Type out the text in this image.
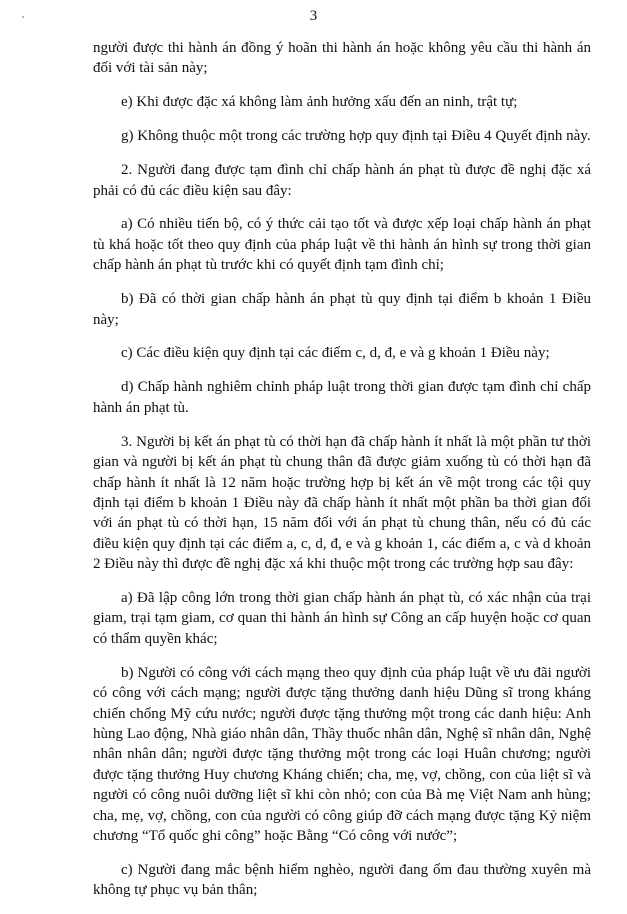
'	3

người được thi hành án đồng ý hoãn thi hành án hoặc không yêu cầu thi hành án đối với tài sản này;

e) Khi được đặc xá không làm ảnh hưởng xấu đến an ninh, trật tự;

g) Không thuộc một trong các trường hợp quy định tại Điều 4 Quyết định này.

2. Người đang được tạm đình chỉ chấp hành án phạt tù được đề nghị đặc xá phải có đủ các điều kiện sau đây:

a) Có nhiều tiến bộ, có ý thức cải tạo tốt và được xếp loại chấp hành án phạt tù khá hoặc tốt theo quy định của pháp luật về thi hành án hình sự trong thời gian chấp hành án phạt tù trước khi có quyết định tạm đình chỉ;

b) Đã có thời gian chấp hành án phạt tù quy định tại điểm b khoản 1 Điều này;

c) Các điều kiện quy định tại các điểm c, d, đ, e và g khoản 1 Điều này;

d) Chấp hành nghiêm chỉnh pháp luật trong thời gian được tạm đình chỉ chấp hành án phạt tù.

3. Người bị kết án phạt tù có thời hạn đã chấp hành ít nhất là một phần tư thời gian và người bị kết án phạt tù chung thân đã được giảm xuống tù có thời hạn đã chấp hành ít nhất là 12 năm hoặc trường hợp bị kết án về một trong các tội quy định tại điểm b khoản 1 Điều này đã chấp hành ít nhất một phần ba thời gian đối với án phạt tù có thời hạn, 15 năm đối với án phạt tù chung thân, nếu có đủ các điều kiện quy định tại các điểm a, c, d, đ, e và g khoản 1, các điểm a, c và d khoản 2 Điều này thì được đề nghị đặc xá khi thuộc một trong các trường hợp sau đây:

a) Đã lập công lớn trong thời gian chấp hành án phạt tù, có xác nhận của trại giam, trại tạm giam, cơ quan thi hành án hình sự Công an cấp huyện hoặc cơ quan có thẩm quyền khác;

b) Người có công với cách mạng theo quy định của pháp luật về ưu đãi người có công với cách mạng; người được tặng thưởng danh hiệu Dũng sĩ trong kháng chiến chống Mỹ cứu nước; người được tặng thưởng một trong các danh hiệu: Anh hùng Lao động, Nhà giáo nhân dân, Thầy thuốc nhân dân, Nghệ sĩ nhân dân, Nghệ nhân nhân dân; người được tặng thưởng một trong các loại Huân chương; người được tặng thưởng Huy chương Kháng chiến; cha, mẹ, vợ, chồng, con của liệt sĩ và người có công nuôi dưỡng liệt sĩ khi còn nhỏ; con của Bà mẹ Việt Nam anh hùng; cha, mẹ, vợ, chồng, con của người có công giúp đỡ cách mạng được tặng Kỷ niệm chương “Tổ quốc ghi công” hoặc Bằng “Có công với nước”;

c) Người đang mắc bệnh hiểm nghèo, người đang ốm đau thường xuyên mà không tự phục vụ bản thân;
